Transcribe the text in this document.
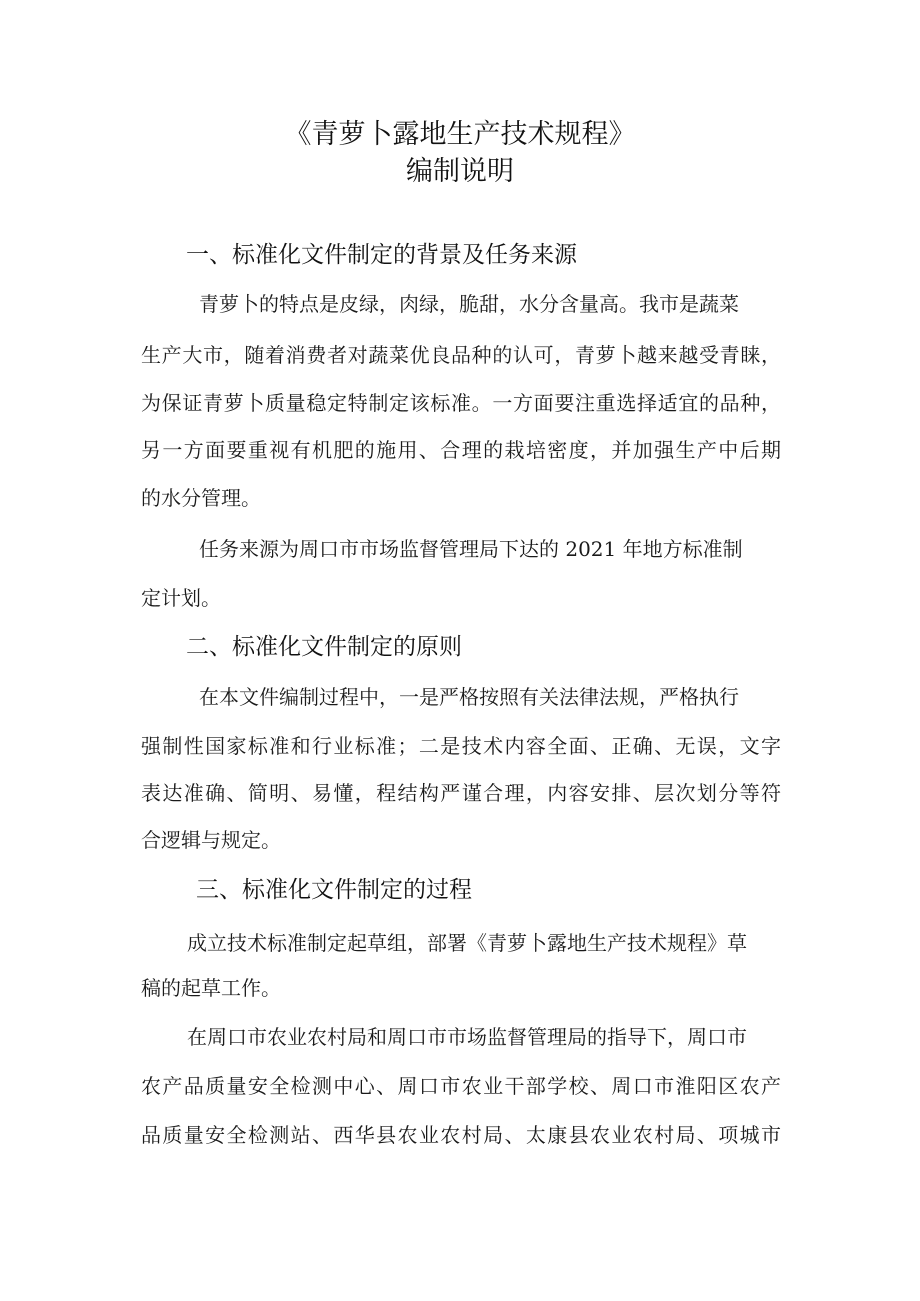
《青萝卜露地生产技术规程》
编制说明
一、标准化文件制定的背景及任务来源
青萝卜的特点是皮绿，肉绿，脆甜，水分含量高。我市是蔬菜
生产大市，随着消费者对蔬菜优良品种的认可，青萝卜越来越受青睐，
为保证青萝卜质量稳定特制定该标准。一方面要注重选择适宜的品种，
另一方面要重视有机肥的施用、合理的栽培密度，并加强生产中后期
的水分管理。
任务来源为周口市市场监督管理局下达的 2021 年地方标准制
定计划。
二、标准化文件制定的原则
在本文件编制过程中，一是严格按照有关法律法规，严格执行
强制性国家标准和行业标准；二是技术内容全面、正确、无误，文字
表达准确、简明、易懂，程结构严谨合理，内容安排、层次划分等符
合逻辑与规定。
三、标准化文件制定的过程
成立技术标准制定起草组，部署《青萝卜露地生产技术规程》草
稿的起草工作。
在周口市农业农村局和周口市市场监督管理局的指导下，周口市
农产品质量安全检测中心、周口市农业干部学校、周口市淮阳区农产
品质量安全检测站、西华县农业农村局、太康县农业农村局、项城市
